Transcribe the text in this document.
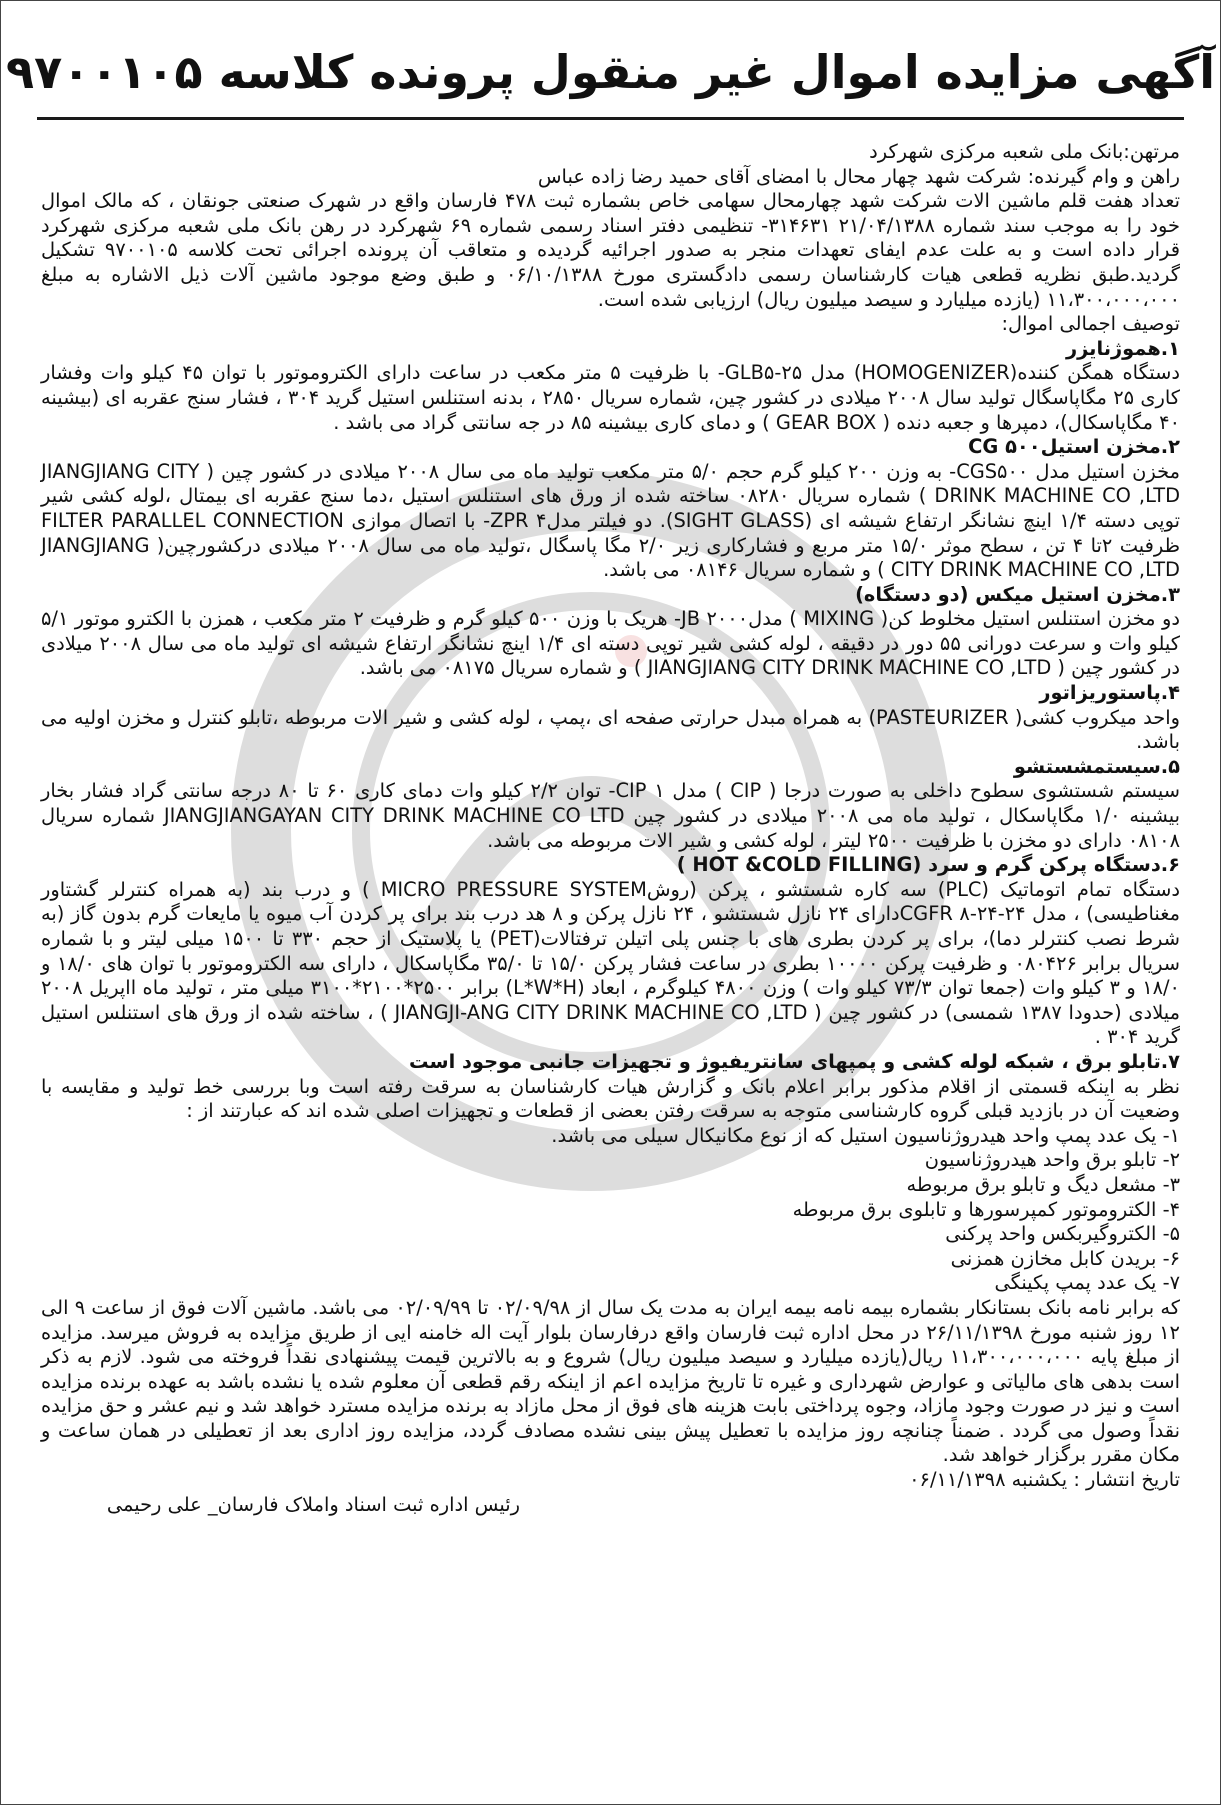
آگهی مزایده اموال غیر منقول پرونده کلاسه ۹۷۰۰۱۰۵

مرتهن:بانک ملی شعبه مرکزی شهرکرد

راهن و وام گیرنده: شرکت شهد چهار محال با امضای آقای حمید رضا زاده عباس

تعداد هفت قلم ماشین الات شرکت شهد چهارمحال سهامی خاص بشماره ثبت ۴۷۸ فارسان واقع در شهرک صنعتی جونقان ، که مالک اموال خود را به موجب سند شماره ۲۱/۰۴/۱۳۸۸ ۳۱۴۶۳۱- تنظیمی دفتر اسناد رسمی شماره ۶۹ شهرکرد در رهن بانک ملی شعبه مرکزی شهرکرد قرار داده است و به علت عدم ایفای تعهدات منجر به صدور اجرائیه گردیده و متعاقب آن پرونده اجرائی تحت کلاسه ۹۷۰۰۱۰۵ تشکیل گردید.طبق نظریه قطعی هیات کارشناسان رسمی دادگستری مورخ ۰۶/۱۰/۱۳۸۸ و طبق وضع موجود ماشین آلات ذیل الاشاره به مبلغ ۱۱،۳۰۰،۰۰۰،۰۰۰ (یازده میلیارد و سیصد میلیون ریال) ارزیابی شده است.

توصیف اجمالی اموال:

۱.هموژنایزر

دستگاه همگن کننده(HOMOGENIZER) مدل GLB۵-۲۵- با ظرفیت ۵ متر مکعب در ساعت دارای الکتروموتور با توان ۴۵ کیلو وات وفشار کاری ۲۵ مگاپاسگال تولید سال ۲۰۰۸ میلادی در کشور چین، شماره سریال ۲۸۵۰ ، بدنه استنلس استیل گرید ۳۰۴ ، فشار سنج عقربه ای (بیشینه ۴۰ مگاپاسکال)، دمپرها و جعبه دنده ( GEAR BOX ) و دمای کاری بیشینه ۸۵ در جه سانتی گراد می باشد .

۲.مخزن استیل۵۰۰ CG

مخزن استیل مدل CGS۵۰۰- به وزن ۲۰۰ کیلو گرم حجم ۵/۰ متر مکعب تولید ماه می سال ۲۰۰۸ میلادی در کشور چین ( JIANGJIANG CITY DRINK MACHINE CO ,LTD ) شماره سریال ۰۸۲۸۰ ساخته شده از ورق های استنلس استیل ،دما سنج عقربه ای بیمتال ،لوله کشی شیر توپی دسته ۱/۴ اینچ نشانگر ارتفاع شیشه ای (SIGHT GLASS). دو فیلتر مدل۴ ZPR- با اتصال موازی FILTER PARALLEL CONNECTION ظرفیت ۲تا ۴ تن ، سطح موثر ۱۵/۰ متر مربع و فشارکاری زیر ۲/۰ مگا پاسگال ،تولید ماه می سال ۲۰۰۸ میلادی درکشورچین( JIANGJIANG CITY DRINK MACHINE CO ,LTD ) و شماره سریال ۰۸۱۴۶ می باشد.

۳.مخزن استیل میکس (دو دستگاه)

دو مخزن استنلس استیل مخلوط کن( MIXING ) مدل۲۰۰۰ JB- هریک با وزن ۵۰۰ کیلو گرم و ظرفیت ۲ متر مکعب ، همزن با الکترو موتور ۵/۱ کیلو وات و سرعت دورانی ۵۵ دور در دقیقه ، لوله کشی شیر توپی دسته ای ۱/۴ اینچ نشانگر ارتفاع شیشه ای تولید ماه می سال ۲۰۰۸ میلادی در کشور چین ( JIANGJIANG CITY DRINK MACHINE CO ,LTD ) و شماره سریال ۰۸۱۷۵ می باشد.

۴.پاستوریزاتور

واحد میکروب کشی( PASTEURIZER) به همراه مبدل حرارتی صفحه ای ،پمپ ، لوله کشی و شیر الات مربوطه ،تابلو کنترل و مخزن اولیه می باشد.

۵.سیستمشستشو

سیستم شستشوی سطوح داخلی به صورت درجا ( CIP ) مدل ۱ CIP- توان ۲/۲ کیلو وات دمای کاری ۶۰ تا ۸۰ درجه سانتی گراد فشار بخار بیشینه ۱/۰ مگاپاسکال ، تولید ماه می ۲۰۰۸ میلادی در کشور چین JIANGJIANGAYAN CITY DRINK MACHINE CO LTD شماره سریال ۰۸۱۰۸ دارای دو مخزن با ظرفیت ۲۵۰۰ لیتر ، لوله کشی و شیر الات مربوطه می باشد.

۶.دستگاه پرکن گرم و سرد (HOT &COLD FILLING )

دستگاه تمام اتوماتیک (PLC) سه کاره شستشو ، پرکن (روشMICRO PRESSURE SYSTEM ) و درب بند (به همراه کنترلر گشتاور مغناطیسی) ، مدل ۲۴-۲۴-۸ CGFRدارای ۲۴ نازل شستشو ، ۲۴ نازل پرکن و ۸ هد درب بند برای پر کردن آب میوه یا مایعات گرم بدون گاز (به شرط نصب کنترلر دما)، برای پر کردن بطری های با جنس پلی اتیلن ترفتالات(PET) یا پلاستیک از حجم ۳۳۰ تا ۱۵۰۰ میلی لیتر و با شماره سریال برابر ۰۸۰۴۲۶ و ظرفیت پرکن ۱۰۰۰۰ بطری در ساعت فشار پرکن ۱۵/۰ تا ۳۵/۰ مگاپاسکال ، دارای سه الکتروموتور با توان های ۱۸/۰ و ۱۸/۰ و ۳ کیلو وات (جمعا توان ۷۳/۳ کیلو وات ) وزن ۴۸۰۰ کیلوگرم ، ابعاد (L*W*H) برابر ۲۵۰۰*۲۱۰۰*۳۱۰۰ میلی متر ، تولید ماه ااپریل ۲۰۰۸ میلادی (حدودا ۱۳۸۷ شمسی) در کشور چین ( JIANGJI-ANG CITY DRINK MACHINE CO ,LTD ) ، ساخته شده از ورق های استنلس استیل گرید ۳۰۴ .

۷.تابلو برق ، شبکه لوله کشی و پمپهای سانتریفیوژ و تجهیزات جانبی موجود است

نظر به اینکه قسمتی از اقلام مذکور برابر اعلام بانک و گزارش هیات کارشناسان به سرقت رفته است وبا بررسی خط تولید و مقایسه با وضعیت آن در بازدید قبلی گروه کارشناسی متوجه به سرقت رفتن بعضی از قطعات و تجهیزات اصلی شده اند که عبارتند از :

۱- یک عدد پمپ واحد هیدروژناسیون استیل که از نوع مکانیکال سیلی می باشد.

۲- تابلو برق واحد هیدروژناسیون

۳- مشعل دیگ و تابلو برق مربوطه

۴- الکتروموتور کمپرسورها و تابلوی برق مربوطه

۵- الکتروگیربکس واحد پرکنی

۶- بریدن کابل مخازن همزنی

۷- یک عدد پمپ پکینگی

که برابر نامه بانک بستانکار بشماره بیمه نامه بیمه ایران به مدت یک سال از ۰۲/۰۹/۹۸ تا ۰۲/۰۹/۹۹ می باشد. ماشین آلات فوق از ساعت ۹ الی ۱۲ روز شنبه مورخ ۲۶/۱۱/۱۳۹۸ در محل اداره ثبت فارسان واقع درفارسان بلوار آیت اله خامنه ایی از طریق مزایده به فروش میرسد. مزایده از مبلغ پایه ۱۱،۳۰۰،۰۰۰،۰۰۰ ریال(یازده میلیارد و سیصد میلیون ریال) شروع و به بالاترین قیمت پیشنهادی نقداً فروخته می شود. لازم به ذکر است بدهی های مالیاتی و عوارض شهرداری و غیره تا تاریخ مزایده اعم از اینکه رقم قطعی آن معلوم شده یا نشده باشد به عهده برنده مزایده است و نیز در صورت وجود مازاد، وجوه پرداختی بابت هزینه های فوق از محل مازاد به برنده مزایده مسترد خواهد شد و نیم عشر و حق مزایده نقداً وصول می گردد . ضمناً چنانچه روز مزایده با تعطیل پیش بینی نشده مصادف گردد، مزایده روز اداری بعد از تعطیلی در همان ساعت و مکان مقرر برگزار خواهد شد.

تاریخ انتشار : یکشنبه ۰۶/۱۱/۱۳۹۸

رئیس اداره ثبت اسناد واملاک فارسان_ علی رحیمی
